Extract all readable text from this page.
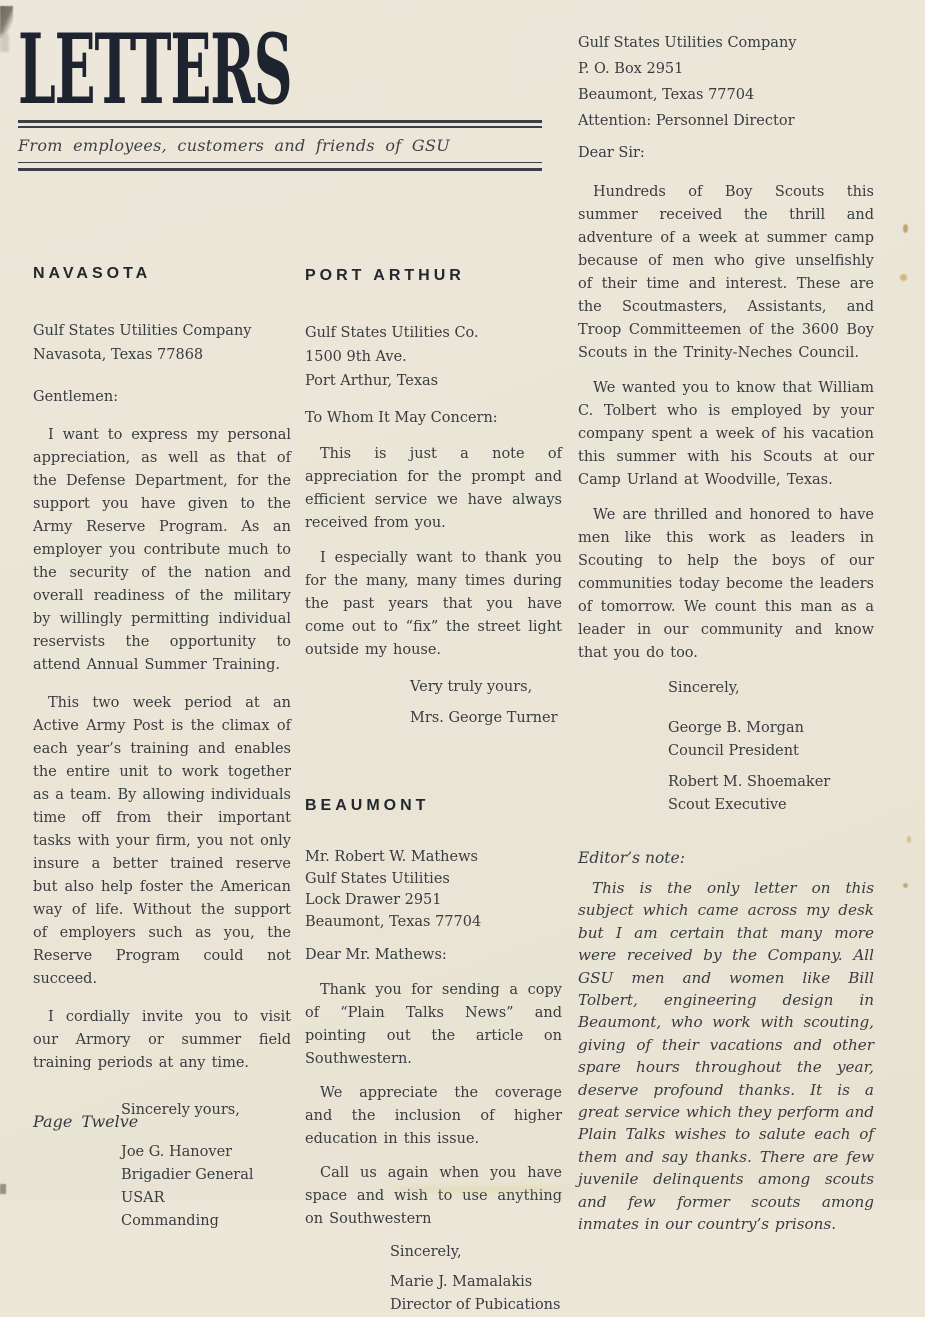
LETTERS
From employees, customers and friends of GSU
NAVASOTA
Gulf States Utilities Company
Navasota, Texas 77868
Gentlemen:

I want to express my personal appreciation, as well as that of the Defense Department, for the support you have given to the Army Reserve Program. As an employer you contribute much to the security of the nation and overall readiness of the military by willingly permitting individual reservists the opportunity to attend Annual Summer Training.

This two week period at an Active Army Post is the climax of each year’s training and enables the entire unit to work together as a team. By allowing individuals time off from their important tasks with your firm, you not only insure a better trained reserve but also help foster the American way of life. Without the support of employers such as you, the Reserve Program could not succeed.

I cordially invite you to visit our Armory or summer field training periods at any time.

Sincerely yours,
Joe G. Hanover
Brigadier General USAR
Commanding
PORT ARTHUR
Gulf States Utilities Co.
1500 9th Ave.
Port Arthur, Texas
To Whom It May Concern:

This is just a note of appreciation for the prompt and efficient service we have always received from you.

I especially want to thank you for the many, many times during the past years that you have come out to “fix” the street light outside my house.

Very truly yours,
Mrs. George Turner
BEAUMONT
Mr. Robert W. Mathews
Gulf States Utilities
Lock Drawer 2951
Beaumont, Texas 77704
Dear Mr. Mathews:

Thank you for sending a copy of “Plain Talks News” and pointing out the article on Southwestern.

We appreciate the coverage and the inclusion of higher education in this issue.

Call us again when you have space and wish to use anything on Southwestern

Sincerely,
Marie J. Mamalakis
Director of Pubications
Gulf States Utilities Company
P. O. Box 2951
Beaumont, Texas 77704
Attention: Personnel Director
Dear Sir:

Hundreds of Boy Scouts this summer received the thrill and adventure of a week at summer camp because of men who give unselfishly of their time and interest. These are the Scoutmasters, Assistants, and Troop Committeemen of the 3600 Boy Scouts in the Trinity-Neches Council.

We wanted you to know that William C. Tolbert who is employed by your company spent a week of his vacation this summer with his Scouts at our Camp Urland at Woodville, Texas.

We are thrilled and honored to have men like this work as leaders in Scouting to help the boys of our communities today become the leaders of tomorrow. We count this man as a leader in our community and know that you do too.

Sincerely,
George B. Morgan
Council President
Robert M. Shoemaker
Scout Executive
Editor’s note:

This is the only letter on this subject which came across my desk but I am certain that many more were received by the Company. All GSU men and women like Bill Tolbert, engineering design in Beaumont, who work with scouting, giving of their vacations and other spare hours throughout the year, deserve profound thanks. It is a great service which they perform and Plain Talks wishes to salute each of them and say thanks. There are few juvenile delinquents among scouts and few former scouts among inmates in our country’s prisons.

Page Twelve
